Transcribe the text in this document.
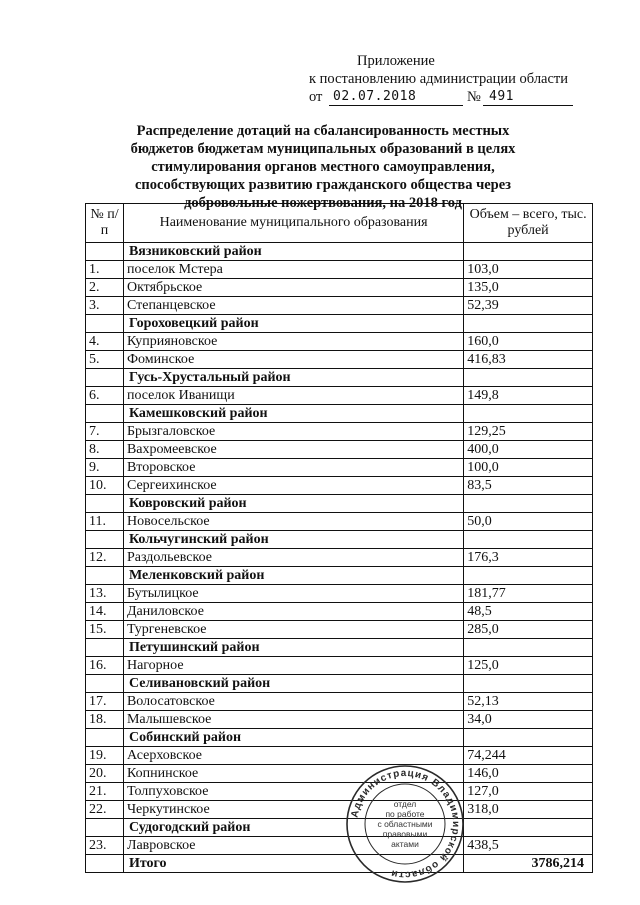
Приложение
к постановлению администрации области
от 02.07.2018	№ 491
Распределение дотаций на сбалансированность местных бюджетов бюджетам муниципальных образований в целях стимулирования органов местного самоуправления, способствующих развитию гражданского общества через добровольные пожертвования, на 2018 год
№ п/п	Наименование муниципального образования	Объем – всего, тыс. рублей
	Вязниковский район	
1.	поселок Мстера	103,0
2.	Октябрьское	135,0
3.	Степанцевское	52,39
	Гороховецкий район	
4.	Куприяновское	160,0
5.	Фоминское	416,83
	Гусь-Хрустальный район	
6.	поселок Иванищи	149,8
	Камешковский район	
7.	Брызгаловское	129,25
8.	Вахромеевское	400,0
9.	Второвское	100,0
10.	Сергеихинское	83,5
	Ковровский район	
11.	Новосельское	50,0
	Кольчугинский район	
12.	Раздольевское	176,3
	Меленковский район	
13.	Бутылицкое	181,77
14.	Даниловское	48,5
15.	Тургеневское	285,0
	Петушинский район	
16.	Нагорное	125,0
	Селивановский район	
17.	Волосатовское	52,13
18.	Малышевское	34,0
	Собинский район	
19.	Асерховское	74,244
20.	Копнинское	146,0
21.	Толпуховское	127,0
22.	Черкутинское	318,0
	Судогодский район	
23.	Лавровское	438,5
	Итого	3786,214
Администрация Владимирской области
отдел
по работе
с областными
правовыми
актами
